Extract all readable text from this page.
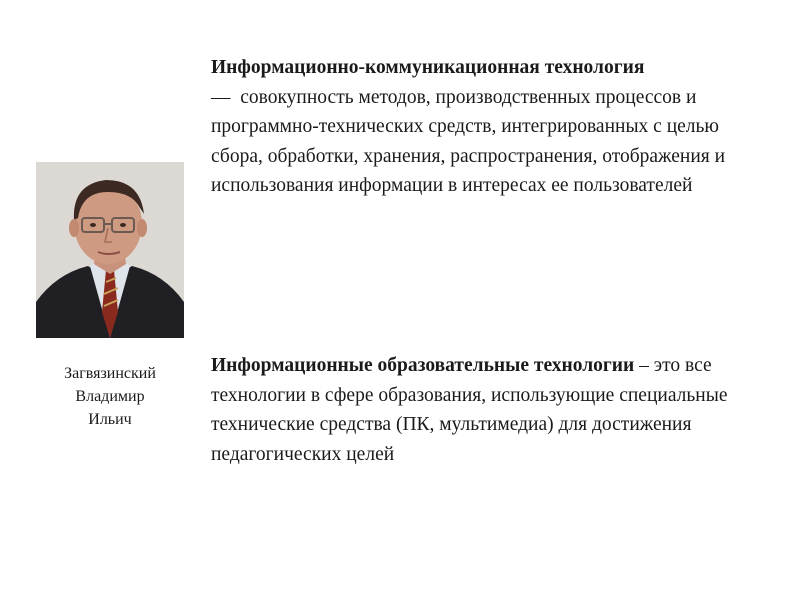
Загвязинский
Владимир
Ильич
Информационно-коммуникационная технология
— совокупность методов, производственных процессов и программно-технических средств, интегрированных с целью сбора, обработки, хранения, распространения, отображения и использования информации в интересах ее пользователей
Информационные образовательные технологии – это все технологии в сфере образования, использующие специальные технические средства (ПК, мультимедиа) для достижения педагогических целей
